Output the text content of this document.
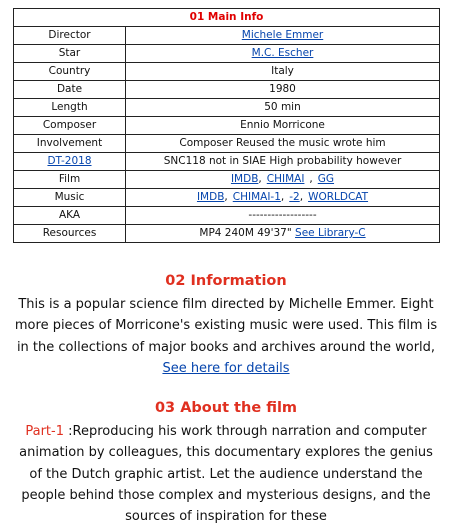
01 Main Info	
Director	Michele Emmer
Star	M.C. Escher
Country	Italy
Date	1980
Length	50 min
Composer	Ennio Morricone
Involvement	Composer Reused the music wrote him
DT-2018	SNC118 not in SIAE High probability however
Film	IMDB, CHIMAI , GG
Music	IMDB, CHIMAI-1, -2, WORLDCAT
AKA	------------------
Resources	MP4 240M 49'37" See Library-C
02 Information

This is a popular science film directed by Michelle Emmer. Eight more pieces of Morricone's existing music were used. This film is in the collections of major books and archives around the world, See here for details

03 About the film

Part-1 :Reproducing his work through narration and computer animation by colleagues, this documentary explores the genius of the Dutch graphic artist. Let the audience understand the people behind those complex and mysterious designs, and the sources of inspiration for these
